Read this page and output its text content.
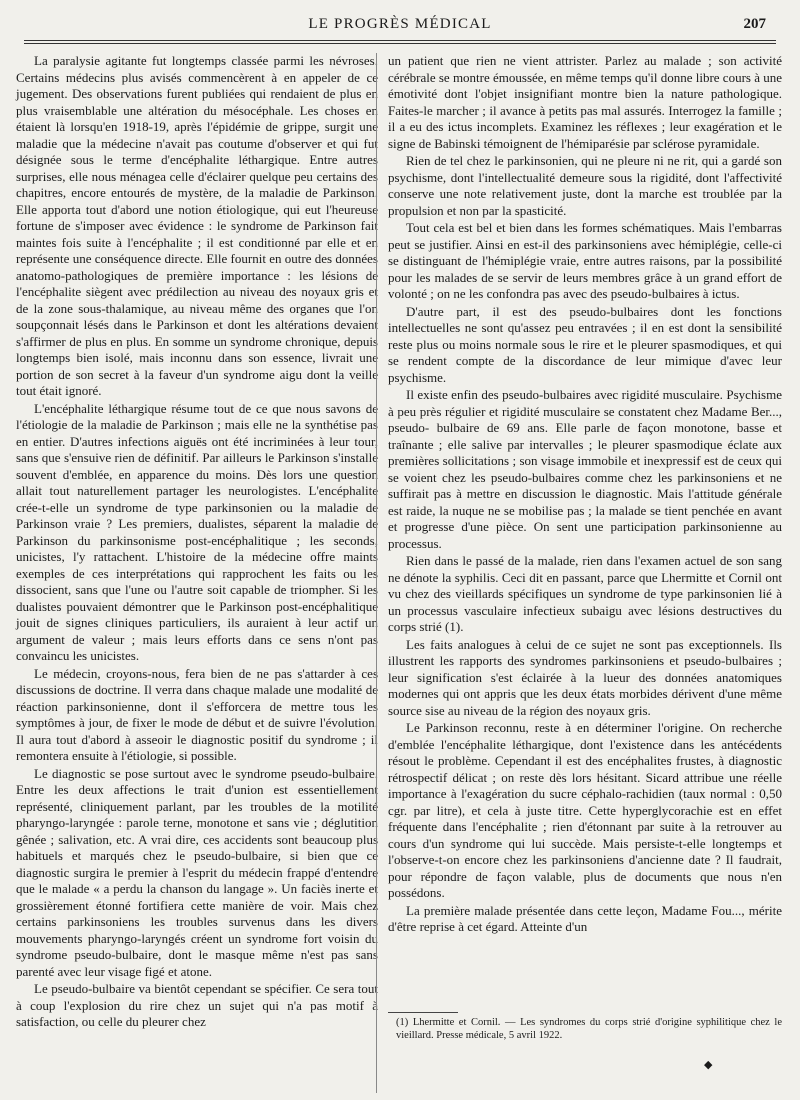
LE PROGRÈS MÉDICAL	207

La paralysie agitante fut longtemps classée parmi les névroses. Certains médecins plus avisés commencèrent à en appeler de ce jugement. Des observations furent publiées qui rendaient de plus en plus vraisemblable une altération du mésocéphale. Les choses en étaient là lorsqu'en 1918-19, après l'épidémie de grippe, surgit une maladie que la médecine n'avait pas coutume d'observer et qui fut désignée sous le terme d'encéphalite léthargique. Entre autres surprises, elle nous ménagea celle d'éclairer quelque peu certains des chapitres, encore entourés de mystère, de la maladie de Parkinson. Elle apporta tout d'abord une notion étiologique, qui eut l'heureuse fortune de s'imposer avec évidence : le syndrome de Parkinson fait maintes fois suite à l'encéphalite ; il est conditionné par elle et en représente une conséquence directe. Elle fournit en outre des données anatomo-pathologiques de première importance : les lésions de l'encéphalite siègent avec prédilection au niveau des noyaux gris et de la zone sous-thalamique, au niveau même des organes que l'on soupçonnait lésés dans le Parkinson et dont les altérations devaient s'affirmer de plus en plus. En somme un syndrome chronique, depuis longtemps bien isolé, mais inconnu dans son essence, livrait une portion de son secret à la faveur d'un syndrome aigu dont la veille tout était ignoré.

L'encéphalite léthargique résume tout de ce que nous savons de l'étiologie de la maladie de Parkinson ; mais elle ne la synthétise pas en entier. D'autres infections aiguës ont été incriminées à leur tour, sans que s'ensuive rien de définitif. Par ailleurs le Parkinson s'installe souvent d'emblée, en apparence du moins. Dès lors une question allait tout naturellement partager les neurologistes. L'encéphalite crée-t-elle un syndrome de type parkinsonien ou la maladie de Parkinson vraie ? Les premiers, dualistes, séparent la maladie de Parkinson du parkinsonisme post-encéphalitique ; les seconds, unicistes, l'y rattachent. L'histoire de la médecine offre maints exemples de ces interprétations qui rapprochent les faits ou les dissocient, sans que l'une ou l'autre soit capable de triompher. Si les dualistes pouvaient démontrer que le Parkinson post-encéphalitique jouit de signes cliniques particuliers, ils auraient à leur actif un argument de valeur ; mais leurs efforts dans ce sens n'ont pas convaincu les unicistes.

Le médecin, croyons-nous, fera bien de ne pas s'attarder à ces discussions de doctrine. Il verra dans chaque malade une modalité de réaction parkinsonienne, dont il s'efforcera de mettre tous les symptômes à jour, de fixer le mode de début et de suivre l'évolution. Il aura tout d'abord à asseoir le diagnostic positif du syndrome ; il remontera ensuite à l'étiologie, si possible.

Le diagnostic se pose surtout avec le syndrome pseudo-bulbaire. Entre les deux affections le trait d'union est essentiellement représenté, cliniquement parlant, par les troubles de la motilité pharyngo-laryngée : parole terne, monotone et sans vie ; déglutition gênée ; salivation, etc. A vrai dire, ces accidents sont beaucoup plus habituels et marqués chez le pseudo-bulbaire, si bien que ce diagnostic surgira le premier à l'esprit du médecin frappé d'entendre que le malade « a perdu la chanson du langage ». Un faciès inerte et grossièrement étonné fortifiera cette manière de voir. Mais chez certains parkinsoniens les troubles survenus dans les divers mouvements pharyngo-laryngés créent un syndrome fort voisin du syndrome pseudo-bulbaire, dont le masque même n'est pas sans parenté avec leur visage figé et atone.

Le pseudo-bulbaire va bientôt cependant se spécifier. Ce sera tout à coup l'explosion du rire chez un sujet qui n'a pas motif à satisfaction, ou celle du pleurer chez

un patient que rien ne vient attrister. Parlez au malade ; son activité cérébrale se montre émoussée, en même temps qu'il donne libre cours à une émotivité dont l'objet insignifiant montre bien la nature pathologique. Faites-le marcher ; il avance à petits pas mal assurés. Interrogez la famille ; il a eu des ictus incomplets. Examinez les réflexes ; leur exagération et le signe de Babinski témoignent de l'hémiparésie par sclérose pyramidale.

Rien de tel chez le parkinsonien, qui ne pleure ni ne rit, qui a gardé son psychisme, dont l'intellectualité demeure sous la rigidité, dont l'affectivité conserve une note relativement juste, dont la marche est troublée par la propulsion et non par la spasticité.

Tout cela est bel et bien dans les formes schématiques. Mais l'embarras peut se justifier. Ainsi en est-il des parkinsoniens avec hémiplégie, celle-ci se distinguant de l'hémiplégie vraie, entre autres raisons, par la possibilité pour les malades de se servir de leurs membres grâce à un grand effort de volonté ; on ne les confondra pas avec des pseudo-bulbaires à ictus.

D'autre part, il est des pseudo-bulbaires dont les fonctions intellectuelles ne sont qu'assez peu entravées ; il en est dont la sensibilité reste plus ou moins normale sous le rire et le pleurer spasmodiques, et qui se rendent compte de la discordance de leur mimique d'avec leur psychisme.

Il existe enfin des pseudo-bulbaires avec rigidité musculaire. Psychisme à peu près régulier et rigidité musculaire se constatent chez Madame Ber..., pseudo- bulbaire de 69 ans. Elle parle de façon monotone, basse et traînante ; elle salive par intervalles ; le pleurer spasmodique éclate aux premières sollicitations ; son visage immobile et inexpressif est de ceux qui se voient chez les pseudo-bulbaires comme chez les parkinsoniens et ne suffirait pas à mettre en discussion le diagnostic. Mais l'attitude générale est raide, la nuque ne se mobilise pas ; la malade se tient penchée en avant et progresse d'une pièce. On sent une participation parkinsonienne au processus.

Rien dans le passé de la malade, rien dans l'examen actuel de son sang ne dénote la syphilis. Ceci dit en passant, parce que Lhermitte et Cornil ont vu chez des vieillards spécifiques un syndrome de type parkinsonien lié à un processus vasculaire infectieux subaigu avec lésions destructives du corps strié (1).

Les faits analogues à celui de ce sujet ne sont pas exceptionnels. Ils illustrent les rapports des syndromes parkinsoniens et pseudo-bulbaires ; leur signification s'est éclairée à la lueur des données anatomiques modernes qui ont appris que les deux états morbides dérivent d'une même source sise au niveau de la région des noyaux gris.

Le Parkinson reconnu, reste à en déterminer l'origine. On recherche d'emblée l'encéphalite léthargique, dont l'existence dans les antécédents résout le problème. Cependant il est des encéphalites frustes, à diagnostic rétrospectif délicat ; on reste dès lors hésitant. Sicard attribue une réelle importance à l'exagération du sucre céphalo-rachidien (taux normal : 0,50 cgr. par litre), et cela à juste titre. Cette hyperglycorachie est en effet fréquente dans l'encéphalite ; rien d'étonnant par suite à la retrouver au cours d'un syndrome qui lui succède. Mais persiste-t-elle longtemps et l'observe-t-on encore chez les parkinsoniens d'ancienne date ? Il faudrait, pour répondre de façon valable, plus de documents que nous n'en possédons.

La première malade présentée dans cette leçon, Madame Fou..., mérite d'être reprise à cet égard. Atteinte d'un

(1) Lhermitte et Cornil. — Les syndromes du corps strié d'origine syphilitique chez le vieillard. Presse médicale, 5 avril 1922.

◆
